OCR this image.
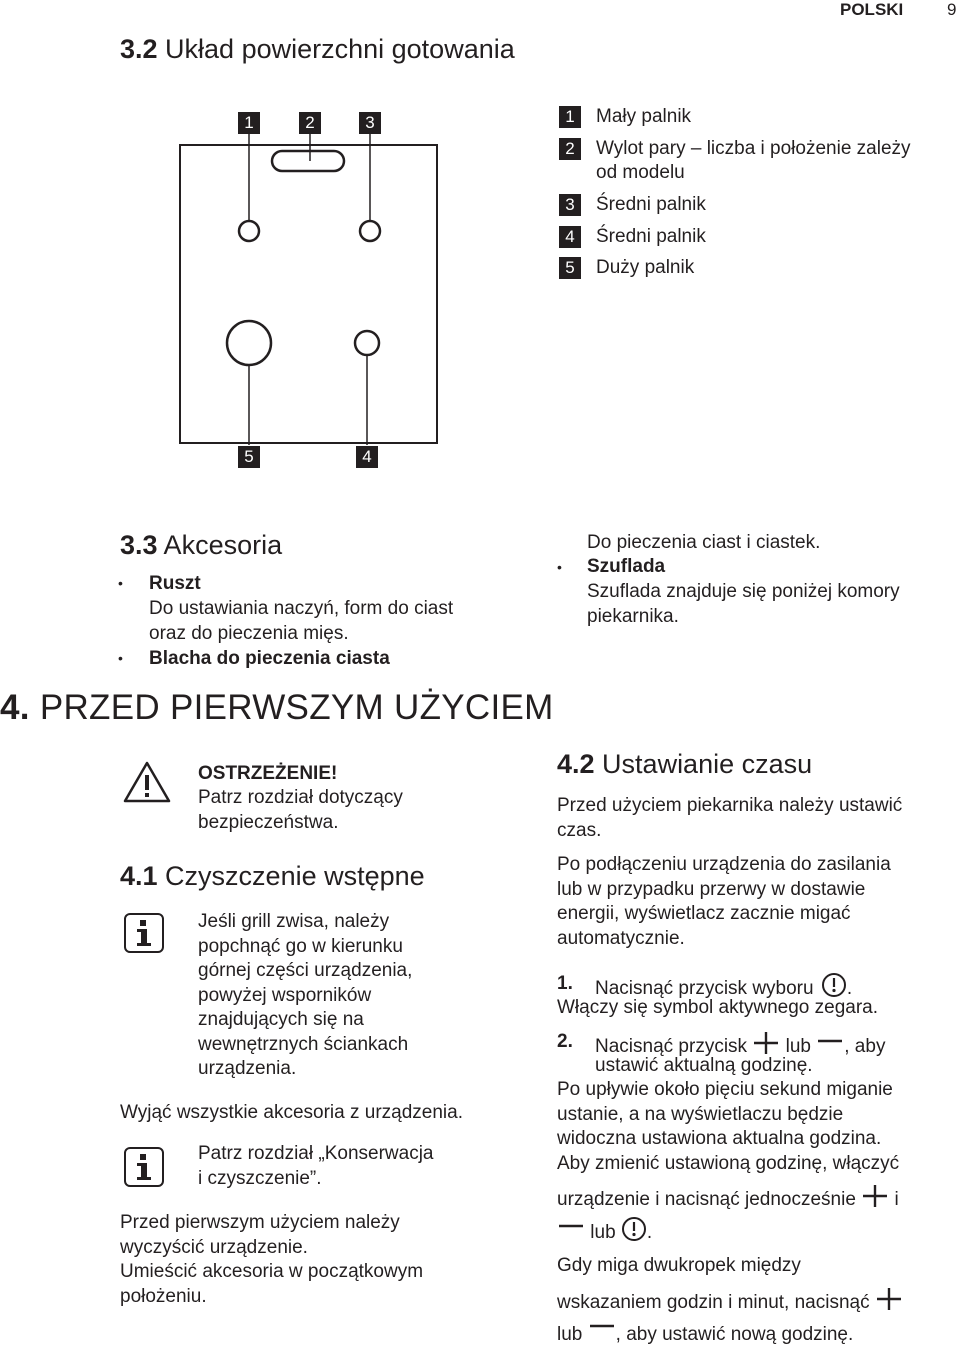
POLSKI	9
3.2 Układ powierzchni gotowania
1	2	3
5	4
1	Mały palnik
2	Wylot pary – liczba i położenie zależy
od modelu
3	Średni palnik
4	Średni palnik
5	Duży palnik
3.3 Akcesoria
• Ruszt
Do ustawiania naczyń, form do ciast
oraz do pieczenia mięs.
• Blacha do pieczenia ciasta
Do pieczenia ciast i ciastek.
• Szuflada
Szuflada znajduje się poniżej komory
piekarnika.
4. PRZED PIERWSZYM UŻYCIEM
OSTRZEŻENIE!
Patrz rozdział dotyczący
bezpieczeństwa.
4.1 Czyszczenie wstępne
Jeśli grill zwisa, należy
popchnąć go w kierunku
górnej części urządzenia,
powyżej wsporników
znajdujących się na
wewnętrznych ściankach
urządzenia.
Wyjąć wszystkie akcesoria z urządzenia.
Patrz rozdział „Konserwacja
i czyszczenie”.
Przed pierwszym użyciem należy
wyczyścić urządzenie.
Umieścić akcesoria w początkowym
położeniu.
4.2 Ustawianie czasu
Przed użyciem piekarnika należy ustawić
czas.
Po podłączeniu urządzenia do zasilania
lub w przypadku przerwy w dostawie
energii, wyświetlacz zacznie migać
automatycznie.
1. Nacisnąć przycisk wyboru .
Włączy się symbol aktywnego zegara.
2. Nacisnąć przycisk lub , aby
ustawić aktualną godzinę.
Po upływie około pięciu sekund miganie
ustanie, a na wyświetlaczu będzie
widoczna ustawiona aktualna godzina.
Aby zmienić ustawioną godzinę, włączyć
urządzenie i nacisnąć jednocześnie i
lub .
Gdy miga dwukropek między
wskazaniem godzin i minut, nacisnąć
lub , aby ustawić nową godzinę.
